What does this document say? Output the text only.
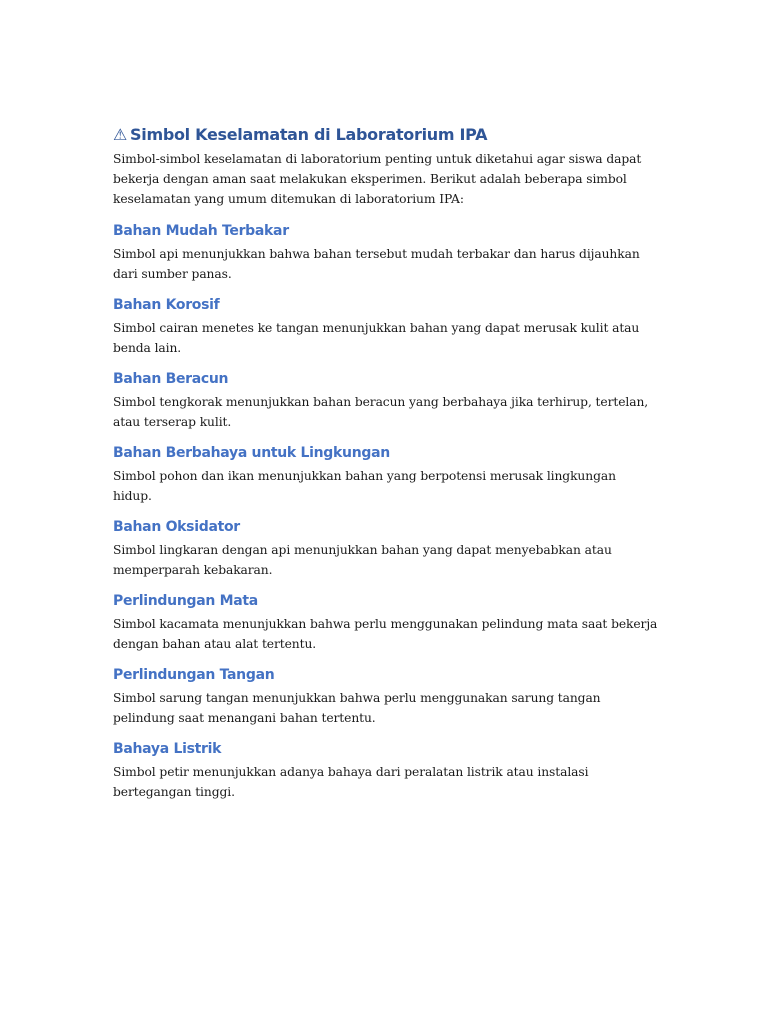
⚠ Simbol Keselamatan di Laboratorium IPA

Simbol-simbol keselamatan di laboratorium penting untuk diketahui agar siswa dapat bekerja dengan aman saat melakukan eksperimen. Berikut adalah beberapa simbol keselamatan yang umum ditemukan di laboratorium IPA:

Bahan Mudah Terbakar

Simbol api menunjukkan bahwa bahan tersebut mudah terbakar dan harus dijauhkan dari sumber panas.

Bahan Korosif

Simbol cairan menetes ke tangan menunjukkan bahan yang dapat merusak kulit atau benda lain.

Bahan Beracun

Simbol tengkorak menunjukkan bahan beracun yang berbahaya jika terhirup, tertelan, atau terserap kulit.

Bahan Berbahaya untuk Lingkungan

Simbol pohon dan ikan menunjukkan bahan yang berpotensi merusak lingkungan hidup.

Bahan Oksidator

Simbol lingkaran dengan api menunjukkan bahan yang dapat menyebabkan atau memperparah kebakaran.

Perlindungan Mata

Simbol kacamata menunjukkan bahwa perlu menggunakan pelindung mata saat bekerja dengan bahan atau alat tertentu.

Perlindungan Tangan

Simbol sarung tangan menunjukkan bahwa perlu menggunakan sarung tangan pelindung saat menangani bahan tertentu.

Bahaya Listrik

Simbol petir menunjukkan adanya bahaya dari peralatan listrik atau instalasi bertegangan tinggi.
